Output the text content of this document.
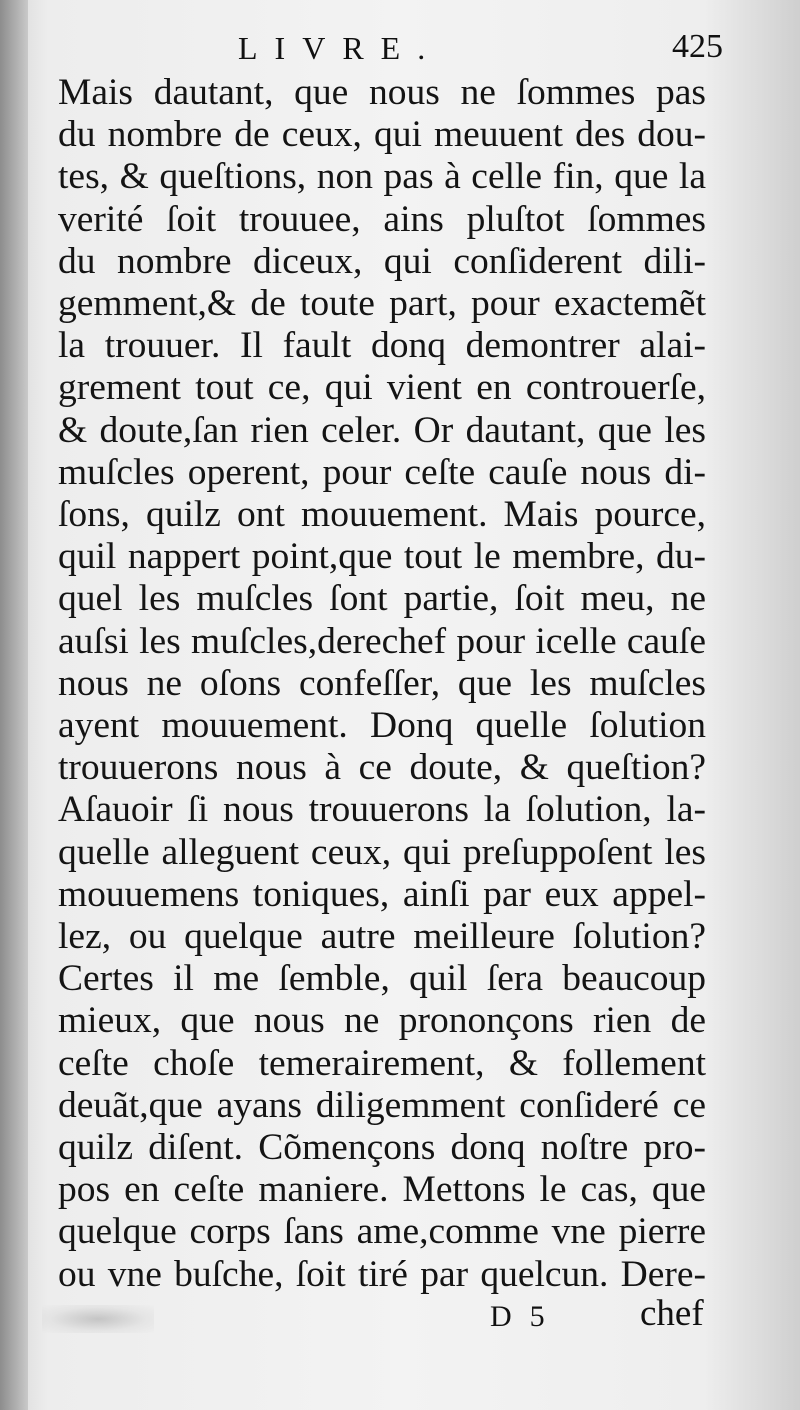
LIVRE.	425
Mais dautant, que nous ne ſommes pas
du nombre de ceux, qui meuuent des dou-
tes, & queſtions, non pas à celle fin, que la
verité ſoit trouuee, ains pluſtot ſommes
du nombre diceux, qui conſiderent dili-
gemment,& de toute part, pour exactemẽt
la trouuer. Il fault donq demontrer alai-
grement tout ce, qui vient en controuerſe,
& doute,ſan rien celer. Or dautant, que les
muſcles operent, pour ceſte cauſe nous di-
ſons, quilz ont mouuement. Mais pource,
quil nappert point,que tout le membre, du-
quel les muſcles ſont partie, ſoit meu, ne
auſsi les muſcles,derechef pour icelle cauſe
nous ne oſons confeſſer, que les muſcles
ayent mouuement. Donq quelle ſolution
trouuerons nous à ce doute, & queſtion?
Aſauoir ſi nous trouuerons la ſolution, la-
quelle alleguent ceux, qui preſuppoſent les
mouuemens toniques, ainſi par eux appel-
lez, ou quelque autre meilleure ſolution?
Certes il me ſemble, quil ſera beaucoup
mieux, que nous ne prononçons rien de
ceſte choſe temerairement, & follement
deuãt,que ayans diligemment conſideré ce
quilz diſent. Cõmençons donq noſtre pro-
pos en ceſte maniere. Mettons le cas, que
quelque corps ſans ame,comme vne pierre
ou vne buſche, ſoit tiré par quelcun. Dere-
D5 chef
